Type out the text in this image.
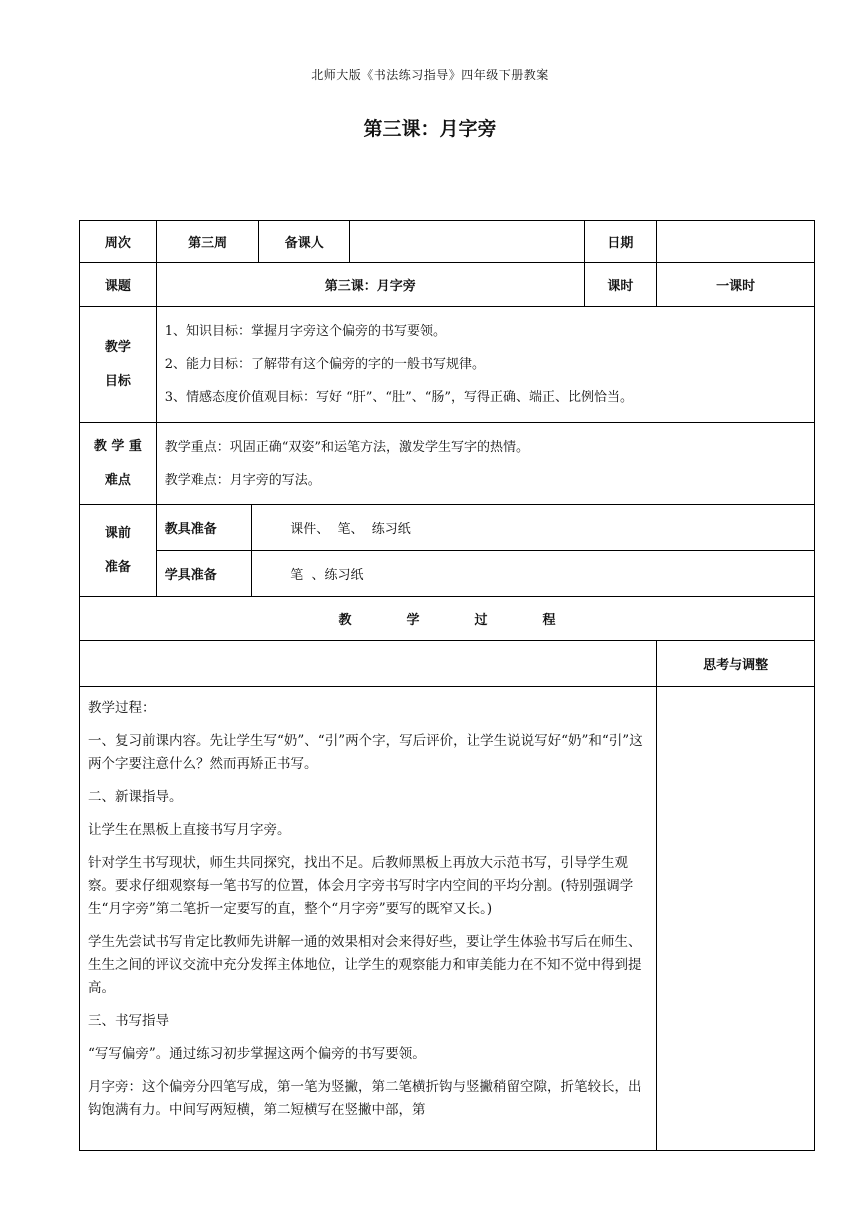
北师大版《书法练习指导》四年级下册教案
第三课：月字旁
周次	第三周	备课人		日期	
课题	第三课：月字旁	课时	一课时

教学
目标

1、知识目标：掌握月字旁这个偏旁的书写要领。

2、能力目标：了解带有这个偏旁的字的一般书写规律。

3、情感态度价值观目标：写好 “肝”、“肚”、“肠”，写得正确、端正、比例恰当。

教 学 重
难点

教学重点：巩固正确“双姿”和运笔方法，激发学生写字的热情。

教学难点：月字旁的写法。

课前
准备

教具准备	课件、  笔、  练习纸
学具准备	笔  、练习纸

教	学	过	程
	思考与调整

教学过程：

一、复习前课内容。先让学生写“奶”、“引”两个字，写后评价，让学生说说写好“奶”和“引”这两个字要注意什么？然而再矫正书写。

二、新课指导。

让学生在黑板上直接书写月字旁。

针对学生书写现状，师生共同探究，找出不足。后教师黑板上再放大示范书写，引导学生观察。要求仔细观察每一笔书写的位置，体会月字旁书写时字内空间的平均分割。(特别强调学生“月字旁”第二笔折一定要写的直，整个“月字旁”要写的既窄又长。)

学生先尝试书写肯定比教师先讲解一通的效果相对会来得好些，要让学生体验书写后在师生、生生之间的评议交流中充分发挥主体地位，让学生的观察能力和审美能力在不知不觉中得到提高。

三、书写指导

“写写偏旁”。通过练习初步掌握这两个偏旁的书写要领。

月字旁：这个偏旁分四笔写成，第一笔为竖撇，第二笔横折钩与竖撇稍留空隙，折笔较长，出钩饱满有力。中间写两短横，第二短横写在竖撇中部，第
